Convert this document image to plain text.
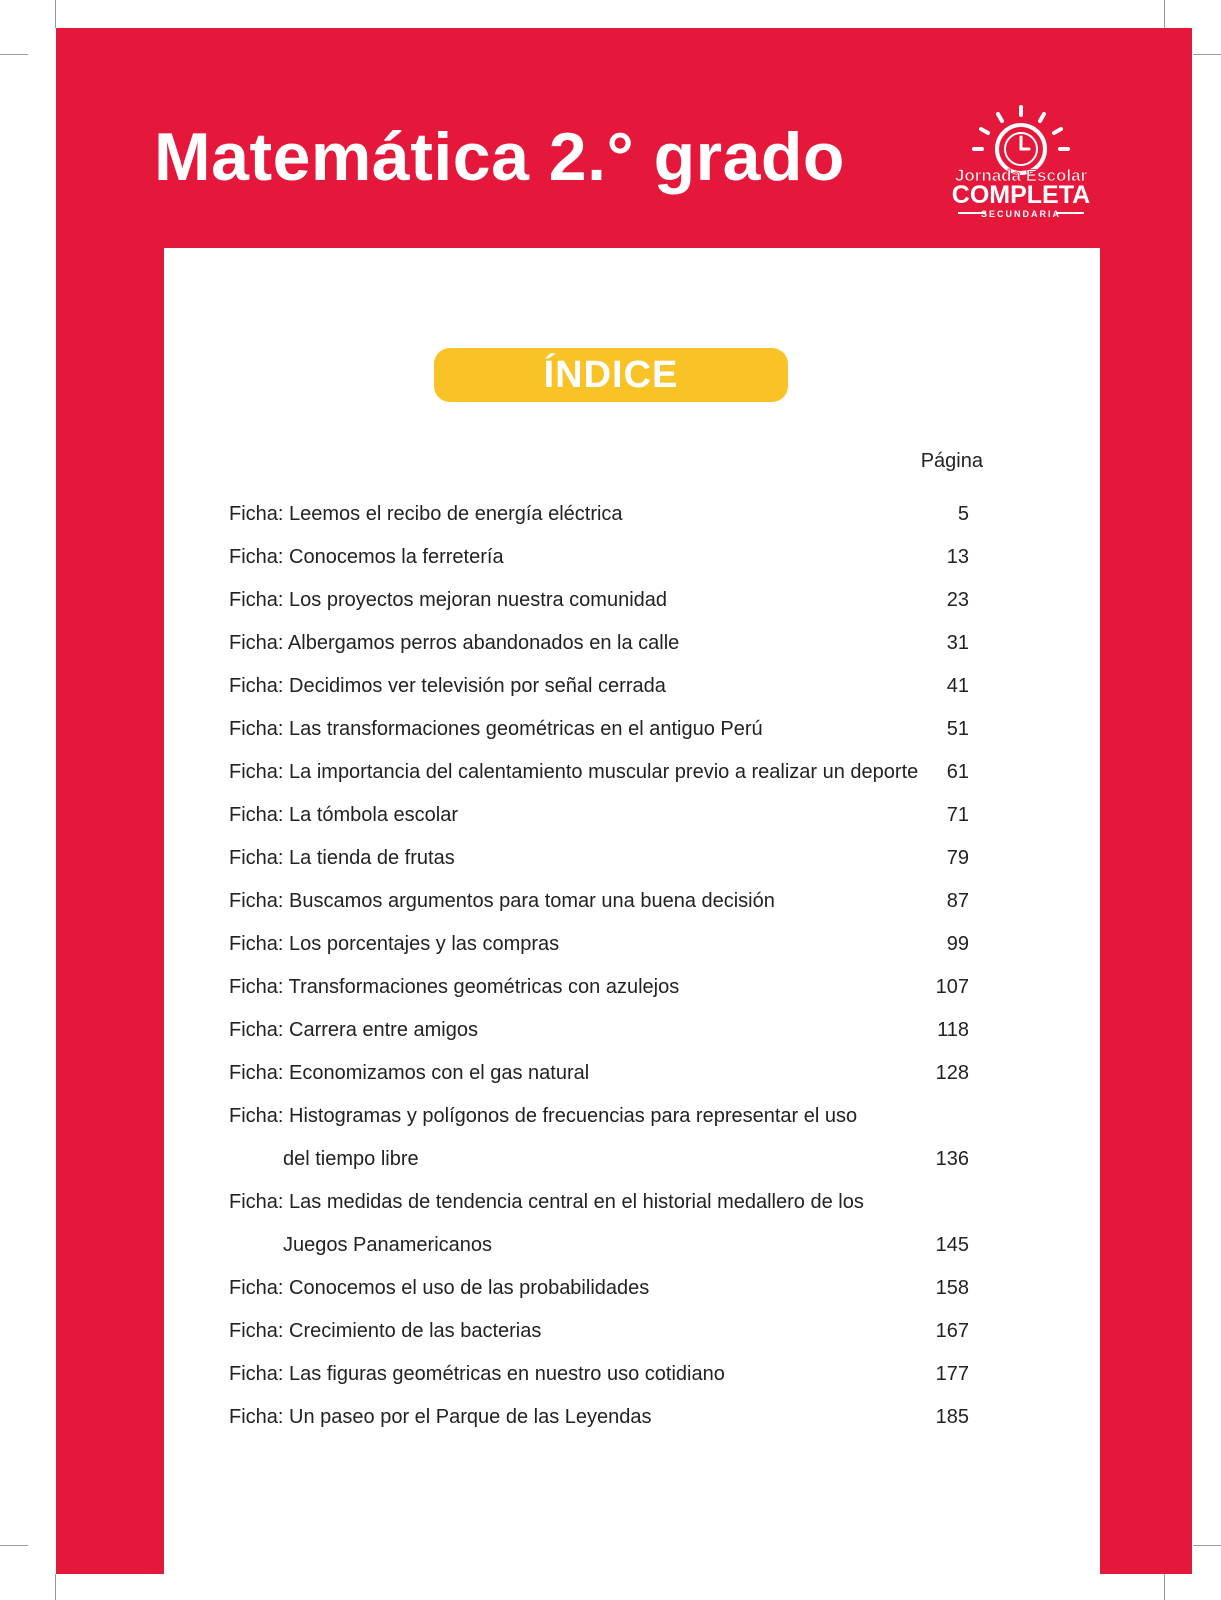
Matemática 2.° grado	Jornada Escolar
COMPLETA
SECUNDARIA
ÍNDICE
Página
Ficha: Leemos el recibo de energía eléctrica	5
Ficha: Conocemos la ferretería	13
Ficha: Los proyectos mejoran nuestra comunidad	23
Ficha: Albergamos perros abandonados en la calle	31
Ficha: Decidimos ver televisión por señal cerrada	41
Ficha: Las transformaciones geométricas en el antiguo Perú	51
Ficha: La importancia del calentamiento muscular previo a realizar un deporte 61
Ficha: La tómbola escolar	71
Ficha: La tienda de frutas	79
Ficha: Buscamos argumentos para tomar una buena decisión	87
Ficha: Los porcentajes y las compras	99
Ficha: Transformaciones geométricas con azulejos	107
Ficha: Carrera entre amigos	118
Ficha: Economizamos con el gas natural	128
Ficha: Histogramas y polígonos de frecuencias para representar el uso
del tiempo libre	136
Ficha: Las medidas de tendencia central en el historial medallero de los
Juegos Panamericanos	145
Ficha: Conocemos el uso de las probabilidades	158
Ficha: Crecimiento de las bacterias	167
Ficha: Las figuras geométricas en nuestro uso cotidiano	177
Ficha: Un paseo por el Parque de las Leyendas	185
